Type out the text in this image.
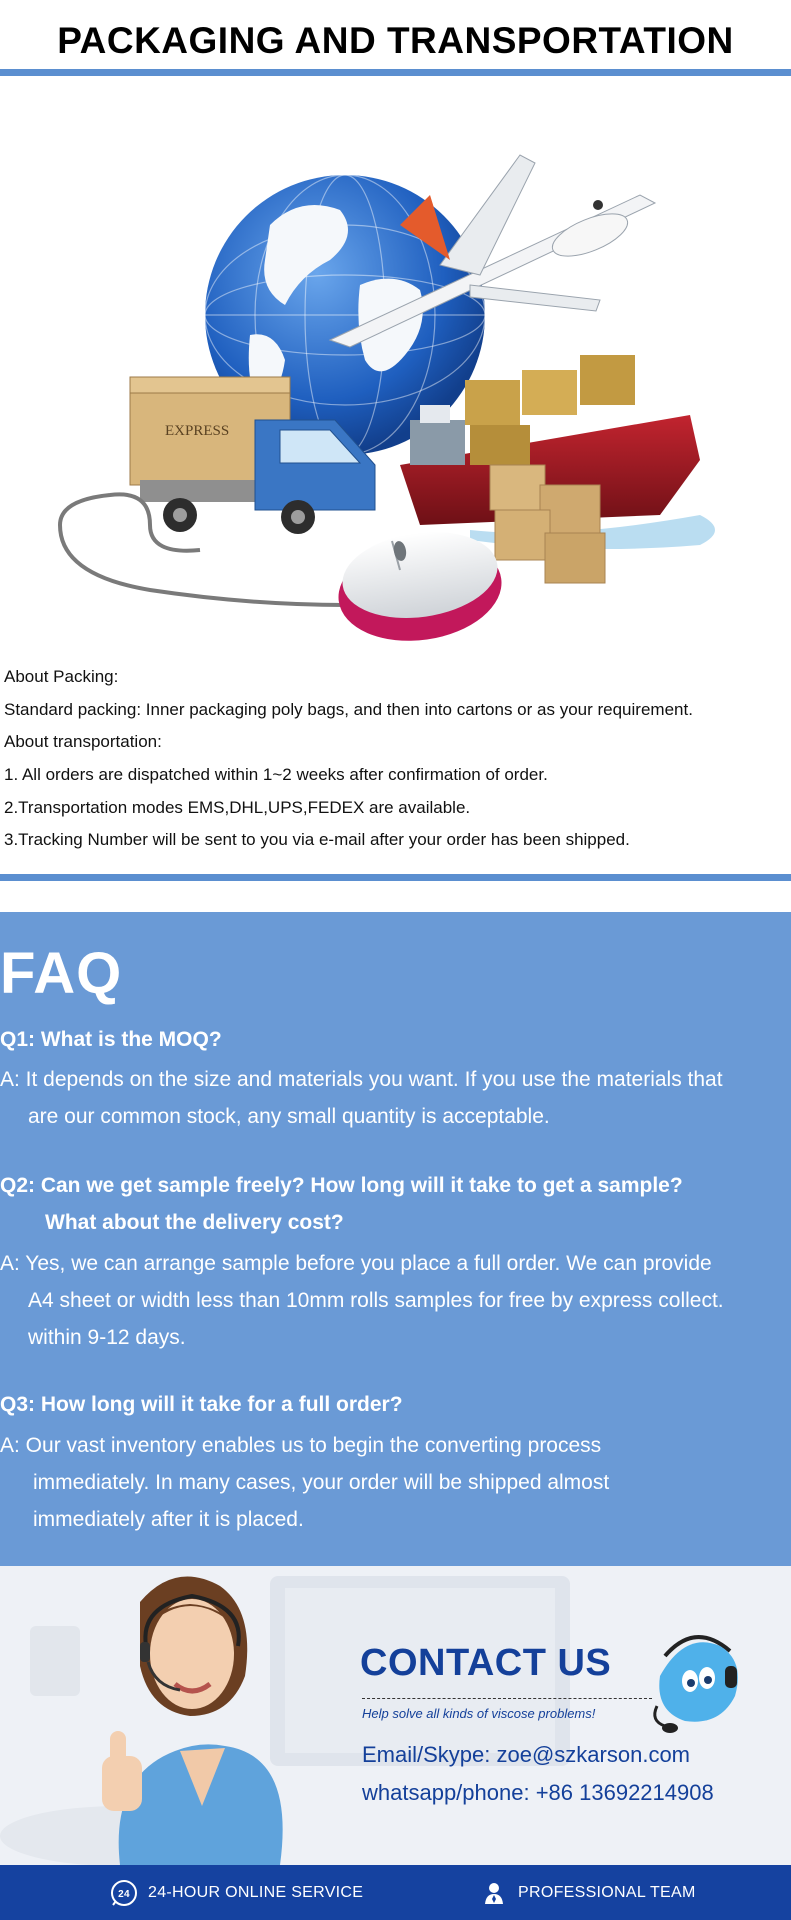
PACKAGING AND TRANSPORTATION
EXPRESS

About Packing:

Standard packing: Inner packaging poly bags, and then into cartons or as your requirement.

About transportation:

1. All orders are dispatched within 1~2 weeks after confirmation of order.

2.Transportation modes EMS,DHL,UPS,FEDEX are available.

3.Tracking Number will be sent to you via e-mail after your order has been shipped.

FAQ
Q1: What is the MOQ?
A: It depends on the size and materials you want. If you use the materials that
are our common stock, any small quantity is acceptable.
Q2: Can we get sample freely? How long will it take to get a sample?
What about the delivery cost?
A: Yes, we can arrange sample before you place a full order. We can provide
A4 sheet or width less than 10mm rolls samples for free by express collect.
within 9-12 days.
Q3: How long will it take for a full order?
A: Our vast inventory enables us to begin the converting process
immediately. In many cases, your order will be shipped almost
immediately after it is placed.
CONTACT US
Help solve all kinds of viscose problems!
Email/Skype: zoe@szkarson.com
whatsapp/phone: +86 13692214908
24 24-HOUR ONLINE SERVICE	PROFESSIONAL TEAM
